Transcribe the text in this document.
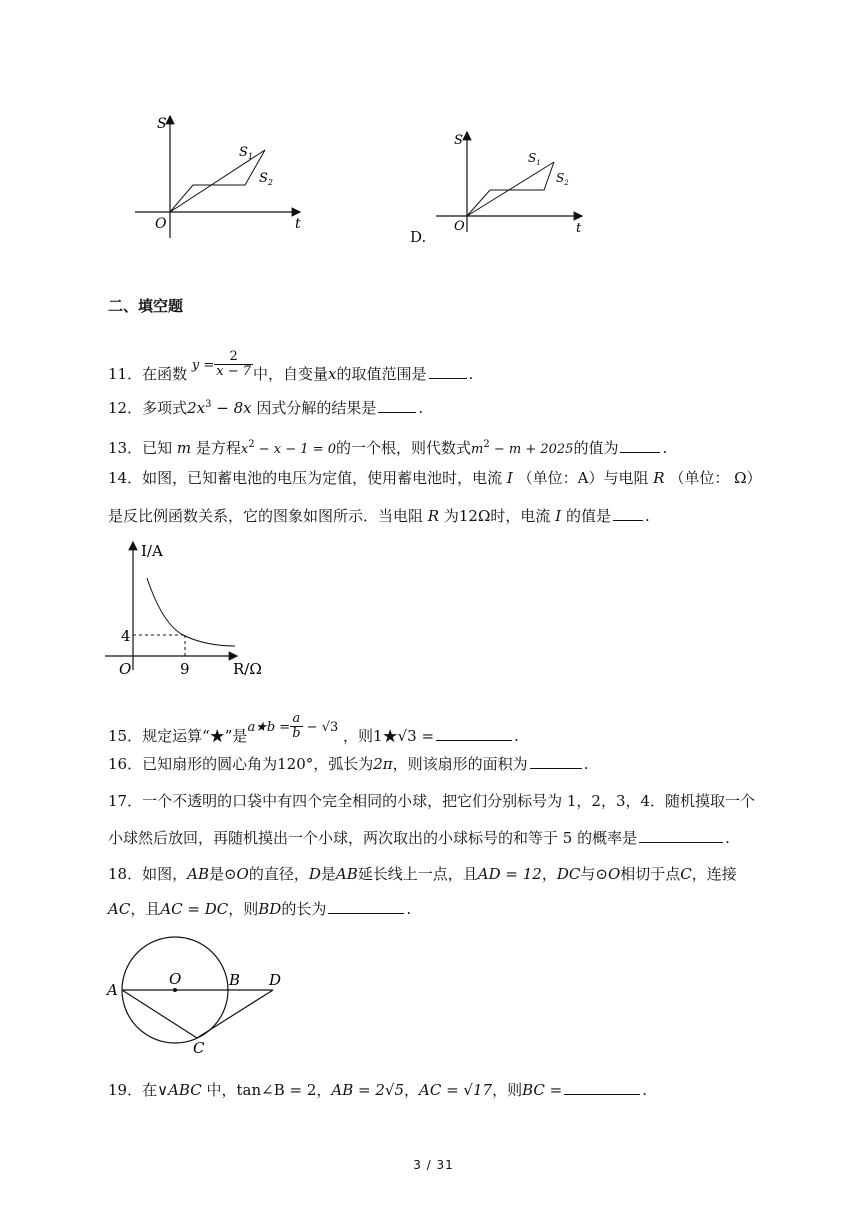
S
$S_1$
$S_2$
O	t
D.
S
$S_1$
$S_2$
O	t
二、填空题
11．在函数 $y = \frac{2}{x - 7}$ 中，自变量x的取值范围是	.
12．多项式$2x^3 - 8x$ 因式分解的结果是	.
13．已知 m 是方程$x^2 - x - 1 = 0$的一个根，则代数式$m^2 - m + 2025$的值为	.
14．如图，已知蓄电池的电压为定值，使用蓄电池时，电流 I （单位：A）与电阻 R （单位： Ω）
是反比例函数关系，它的图象如图所示．当电阻 R 为12Ω时，电流 I 的值是 .
I/A
4
O	9	R/Ω
15．规定运算“★”是a★b = $\frac{a}{b} - √3$ ，则1★√3 =	.
16．已知扇形的圆心角为120°，弧长为2π，则该扇形的面积为	.
17．一个不透明的口袋中有四个完全相同的小球，把它们分别标号为 1，2，3，4．随机摸取一个
小球然后放回，再随机摸出一个小球，两次取出的小球标号的和等于 5 的概率是	.
18．如图，AB是⊙O的直径，D是AB延长线上一点，且AD = 12，DC与⊙O相切于点C，连接
AC，且AC = DC，则BD的长为	.
A
O	B D
C
19．在∨ABC 中，tan∠B = 2，AB = 2√5，AC = √17，则BC =	.
3 / 31
